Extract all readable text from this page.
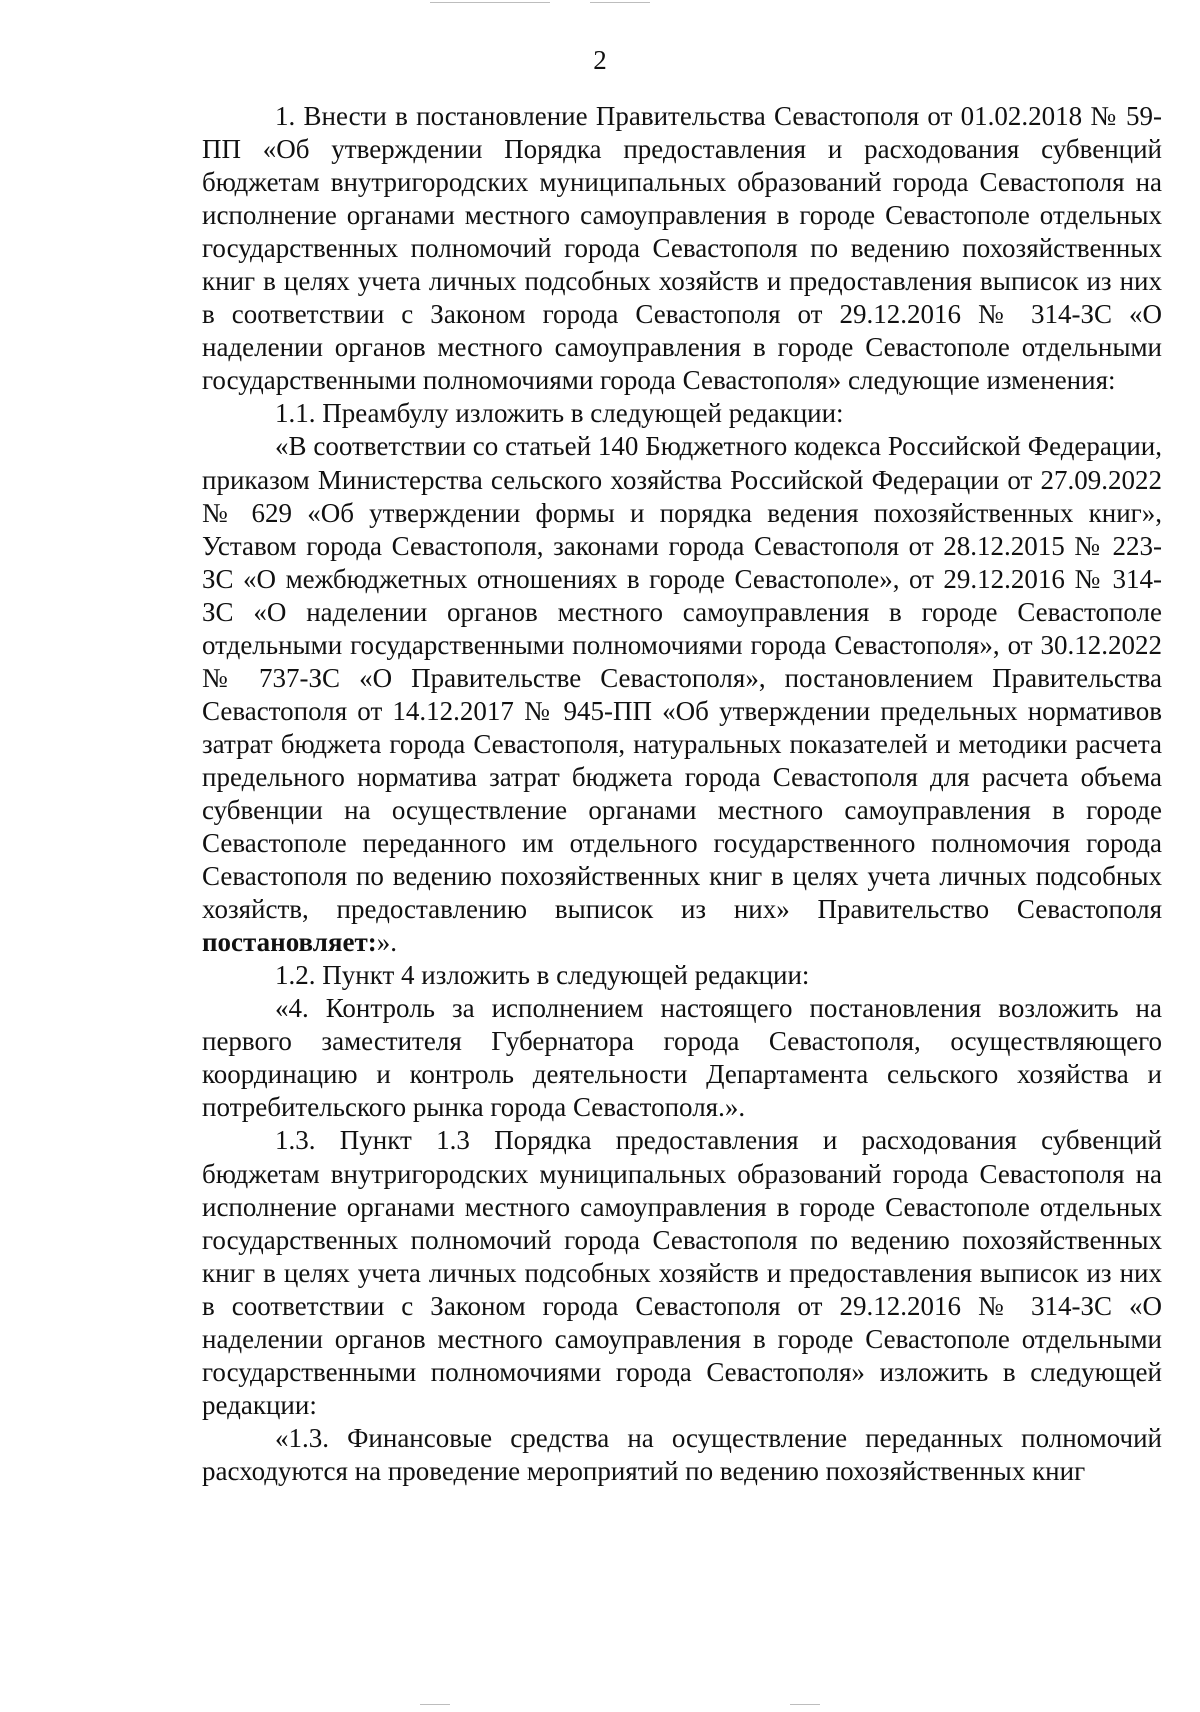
2

1. Внести в постановление Правительства Севастополя от 01.02.2018 № 59-ПП «Об утверждении Порядка предоставления и расходования субвенций бюджетам внутригородских муниципальных образований города Севастополя на исполнение органами местного самоуправления в городе Севастополе отдельных государственных полномочий города Севастополя по ведению похозяйственных книг в целях учета личных подсобных хозяйств и предоставления выписок из них в соответствии с Законом города Севастополя от 29.12.2016 № 314-ЗС «О наделении органов местного самоуправления в городе Севастополе отдельными государственными полномочиями города Севастополя» следующие изменения:

1.1. Преамбулу изложить в следующей редакции:

«В соответствии со статьей 140 Бюджетного кодекса Российской Федерации, приказом Министерства сельского хозяйства Российской Федерации от 27.09.2022 № 629 «Об утверждении формы и порядка ведения похозяйственных книг», Уставом города Севастополя, законами города Севастополя от 28.12.2015 № 223-ЗС «О межбюджетных отношениях в городе Севастополе», от 29.12.2016 № 314-ЗС «О наделении органов местного самоуправления в городе Севастополе отдельными государственными полномочиями города Севастополя», от 30.12.2022 № 737-ЗС «О Правительстве Севастополя», постановлением Правительства Севастополя от 14.12.2017 № 945-ПП «Об утверждении предельных нормативов затрат бюджета города Севастополя, натуральных показателей и методики расчета предельного норматива затрат бюджета города Севастополя для расчета объема субвенции на осуществление органами местного самоуправления в городе Севастополе переданного им отдельного государственного полномочия города Севастополя по ведению похозяйственных книг в целях учета личных подсобных хозяйств, предоставлению выписок из них» Правительство Севастополя постановляет:».

1.2. Пункт 4 изложить в следующей редакции:

«4. Контроль за исполнением настоящего постановления возложить на первого заместителя Губернатора города Севастополя, осуществляющего координацию и контроль деятельности Департамента сельского хозяйства и потребительского рынка города Севастополя.».

1.3. Пункт 1.3 Порядка предоставления и расходования субвенций бюджетам внутригородских муниципальных образований города Севастополя на исполнение органами местного самоуправления в городе Севастополе отдельных государственных полномочий города Севастополя по ведению похозяйственных книг в целях учета личных подсобных хозяйств и предоставления выписок из них в соответствии с Законом города Севастополя от 29.12.2016 № 314-ЗС «О наделении органов местного самоуправления в городе Севастополе отдельными государственными полномочиями города Севастополя» изложить в следующей редакции:

«1.3. Финансовые средства на осуществление переданных полномочий расходуются на проведение мероприятий по ведению похозяйственных книг
